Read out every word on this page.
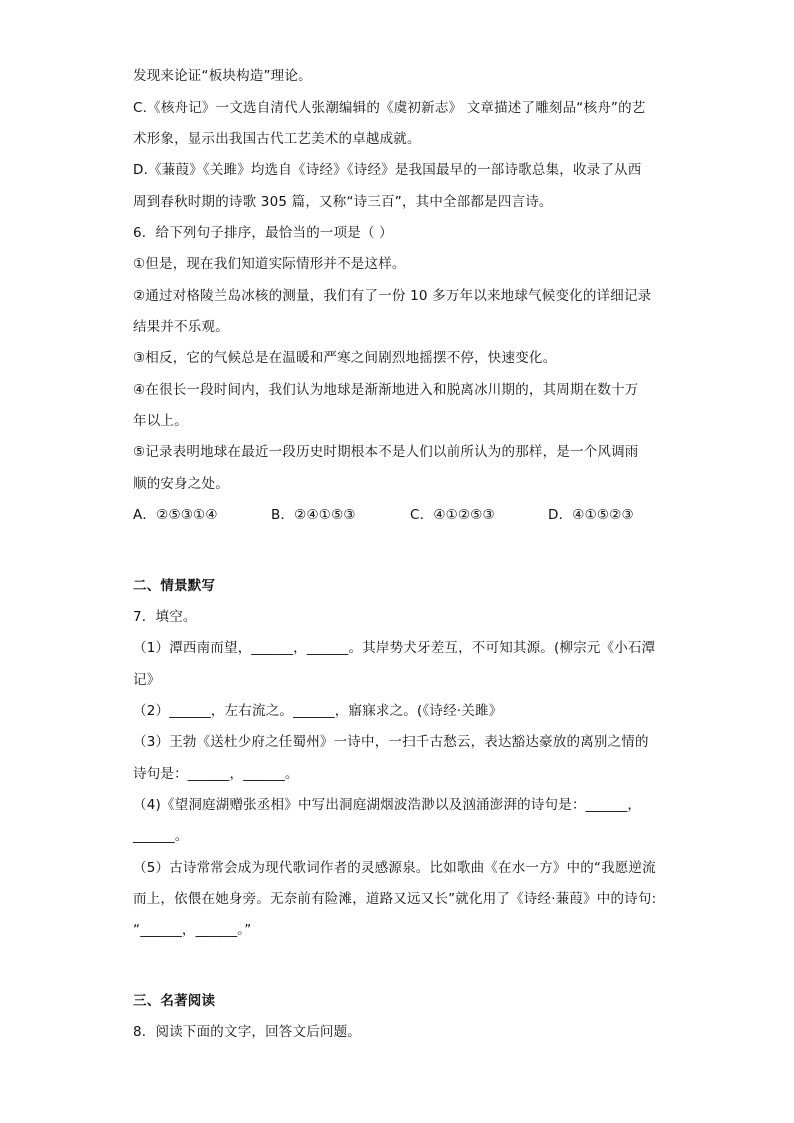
发现来论证“板块构造”理论。
C.《核舟记》一文选自清代人张潮编辑的《虞初新志》 文章描述了雕刻品“核舟”的艺
术形象，显示出我国古代工艺美术的卓越成就。
D.《蒹葭》《关雎》均选自《诗经》《诗经》是我国最早的一部诗歌总集，收录了从西
周到春秋时期的诗歌 305 篇，又称“诗三百”，其中全部都是四言诗。
6．给下列句子排序，最恰当的一项是（ ）
①但是，现在我们知道实际情形并不是这样。
②通过对格陵兰岛冰核的测量，我们有了一份 10 多万年以来地球气候变化的详细记录
结果并不乐观。
③相反，它的气候总是在温暖和严寒之间剧烈地摇摆不停，快速变化。
④在很长一段时间内，我们认为地球是渐渐地进入和脱离冰川期的，其周期在数十万
年以上。
⑤记录表明地球在最近一段历史时期根本不是人们以前所认为的那样，是一个风调雨
顺的安身之处。
A．②⑤③①④	B．②④①⑤③	C．④①②⑤③	D．④①⑤②③
二、情景默写
7．填空。
（1）潭西南而望，______，______。其岸势犬牙差互，不可知其源。(柳宗元《小石潭
记》
（2）______，左右流之。______，寤寐求之。(《诗经·关雎》
（3）王勃《送杜少府之任蜀州》一诗中，一扫千古愁云，表达豁达豪放的离别之情的
诗句是：______，______。
（4)《望洞庭湖赠张丞相》中写出洞庭湖烟波浩渺以及汹涌澎湃的诗句是：______，
______。
（5）古诗常常会成为现代歌词作者的灵感源泉。比如歌曲《在水一方》中的“我愿逆流
而上，依偎在她身旁。无奈前有险滩，道路又远又长”就化用了《诗经·蒹葭》中的诗句:
“______，______。”
三、名著阅读
8．阅读下面的文字，回答文后问题。
